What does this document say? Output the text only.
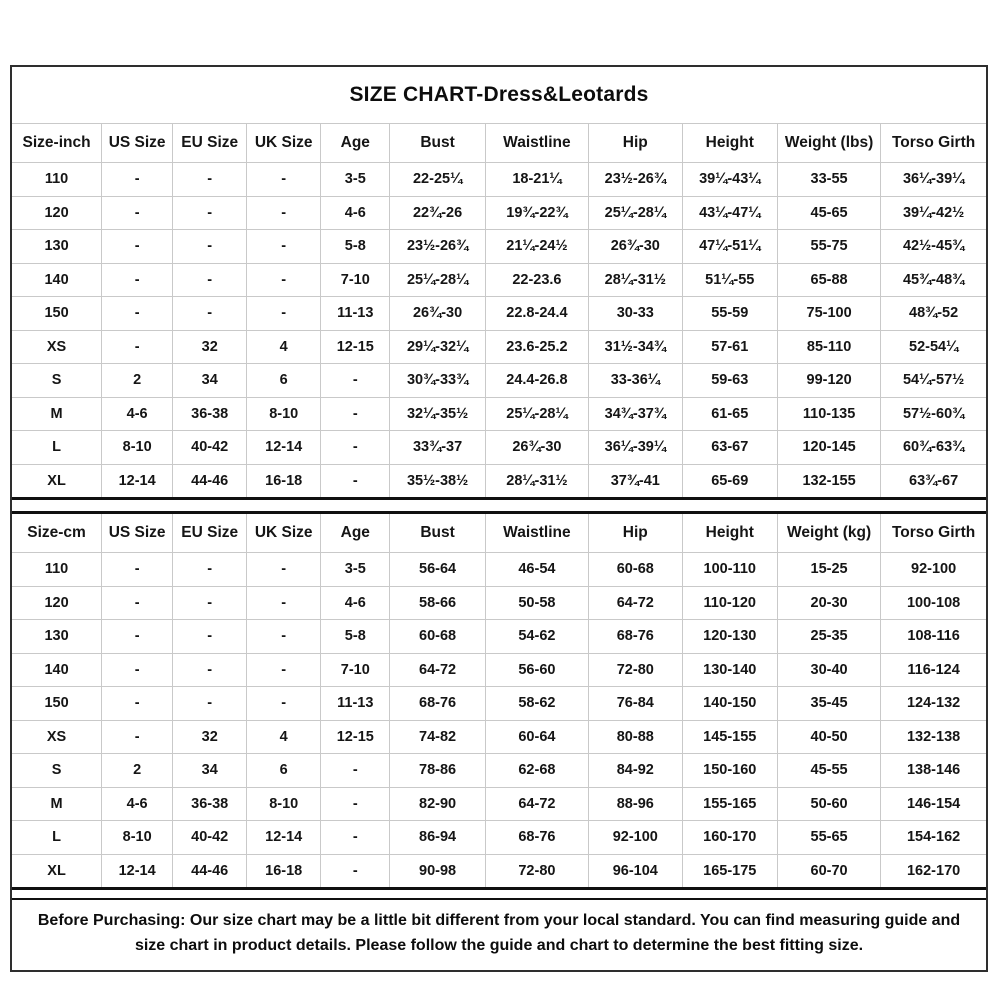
SIZE CHART-Dress&Leotards
Size-inch	US Size	EU Size	UK Size	Age	Bust	Waistline	Hip	Height	Weight (lbs)	Torso Girth
110	-	-	-	3-5	22-25¼	18-21¼	23½-26¾	39¼-43¼	33-55	36¼-39¼
120	-	-	-	4-6	22¾-26	19¾-22¾	25¼-28¼	43¼-47¼	45-65	39¼-42½
130	-	-	-	5-8	23½-26¾	21¼-24½	26¾-30	47¼-51¼	55-75	42½-45¾
140	-	-	-	7-10	25¼-28¼	22-23.6	28¼-31½	51¼-55	65-88	45¾-48¾
150	-	-	-	11-13	26¾-30	22.8-24.4	30-33	55-59	75-100	48¾-52
XS	-	32	4	12-15	29¼-32¼	23.6-25.2	31½-34¾	57-61	85-110	52-54¼
S	2	34	6	-	30¾-33¾	24.4-26.8	33-36¼	59-63	99-120	54¼-57½
M	4-6	36-38	8-10	-	32¼-35½	25¼-28¼	34¾-37¾	61-65	110-135	57½-60¾
L	8-10	40-42	12-14	-	33¾-37	26¾-30	36¼-39¼	63-67	120-145	60¾-63¾
XL	12-14	44-46	16-18	-	35½-38½	28¼-31½	37¾-41	65-69	132-155	63¾-67
Size-cm	US Size	EU Size	UK Size	Age	Bust	Waistline	Hip	Height	Weight (kg)	Torso Girth
110	-	-	-	3-5	56-64	46-54	60-68	100-110	15-25	92-100
120	-	-	-	4-6	58-66	50-58	64-72	110-120	20-30	100-108
130	-	-	-	5-8	60-68	54-62	68-76	120-130	25-35	108-116
140	-	-	-	7-10	64-72	56-60	72-80	130-140	30-40	116-124
150	-	-	-	11-13	68-76	58-62	76-84	140-150	35-45	124-132
XS	-	32	4	12-15	74-82	60-64	80-88	145-155	40-50	132-138
S	2	34	6	-	78-86	62-68	84-92	150-160	45-55	138-146
M	4-6	36-38	8-10	-	82-90	64-72	88-96	155-165	50-60	146-154
L	8-10	40-42	12-14	-	86-94	68-76	92-100	160-170	55-65	154-162
XL	12-14	44-46	16-18	-	90-98	72-80	96-104	165-175	60-70	162-170

Before Purchasing: Our size chart may be a little bit different from your local standard. You can find measuring guide and size chart in product details. Please follow the guide and chart to determine the best fitting size.
